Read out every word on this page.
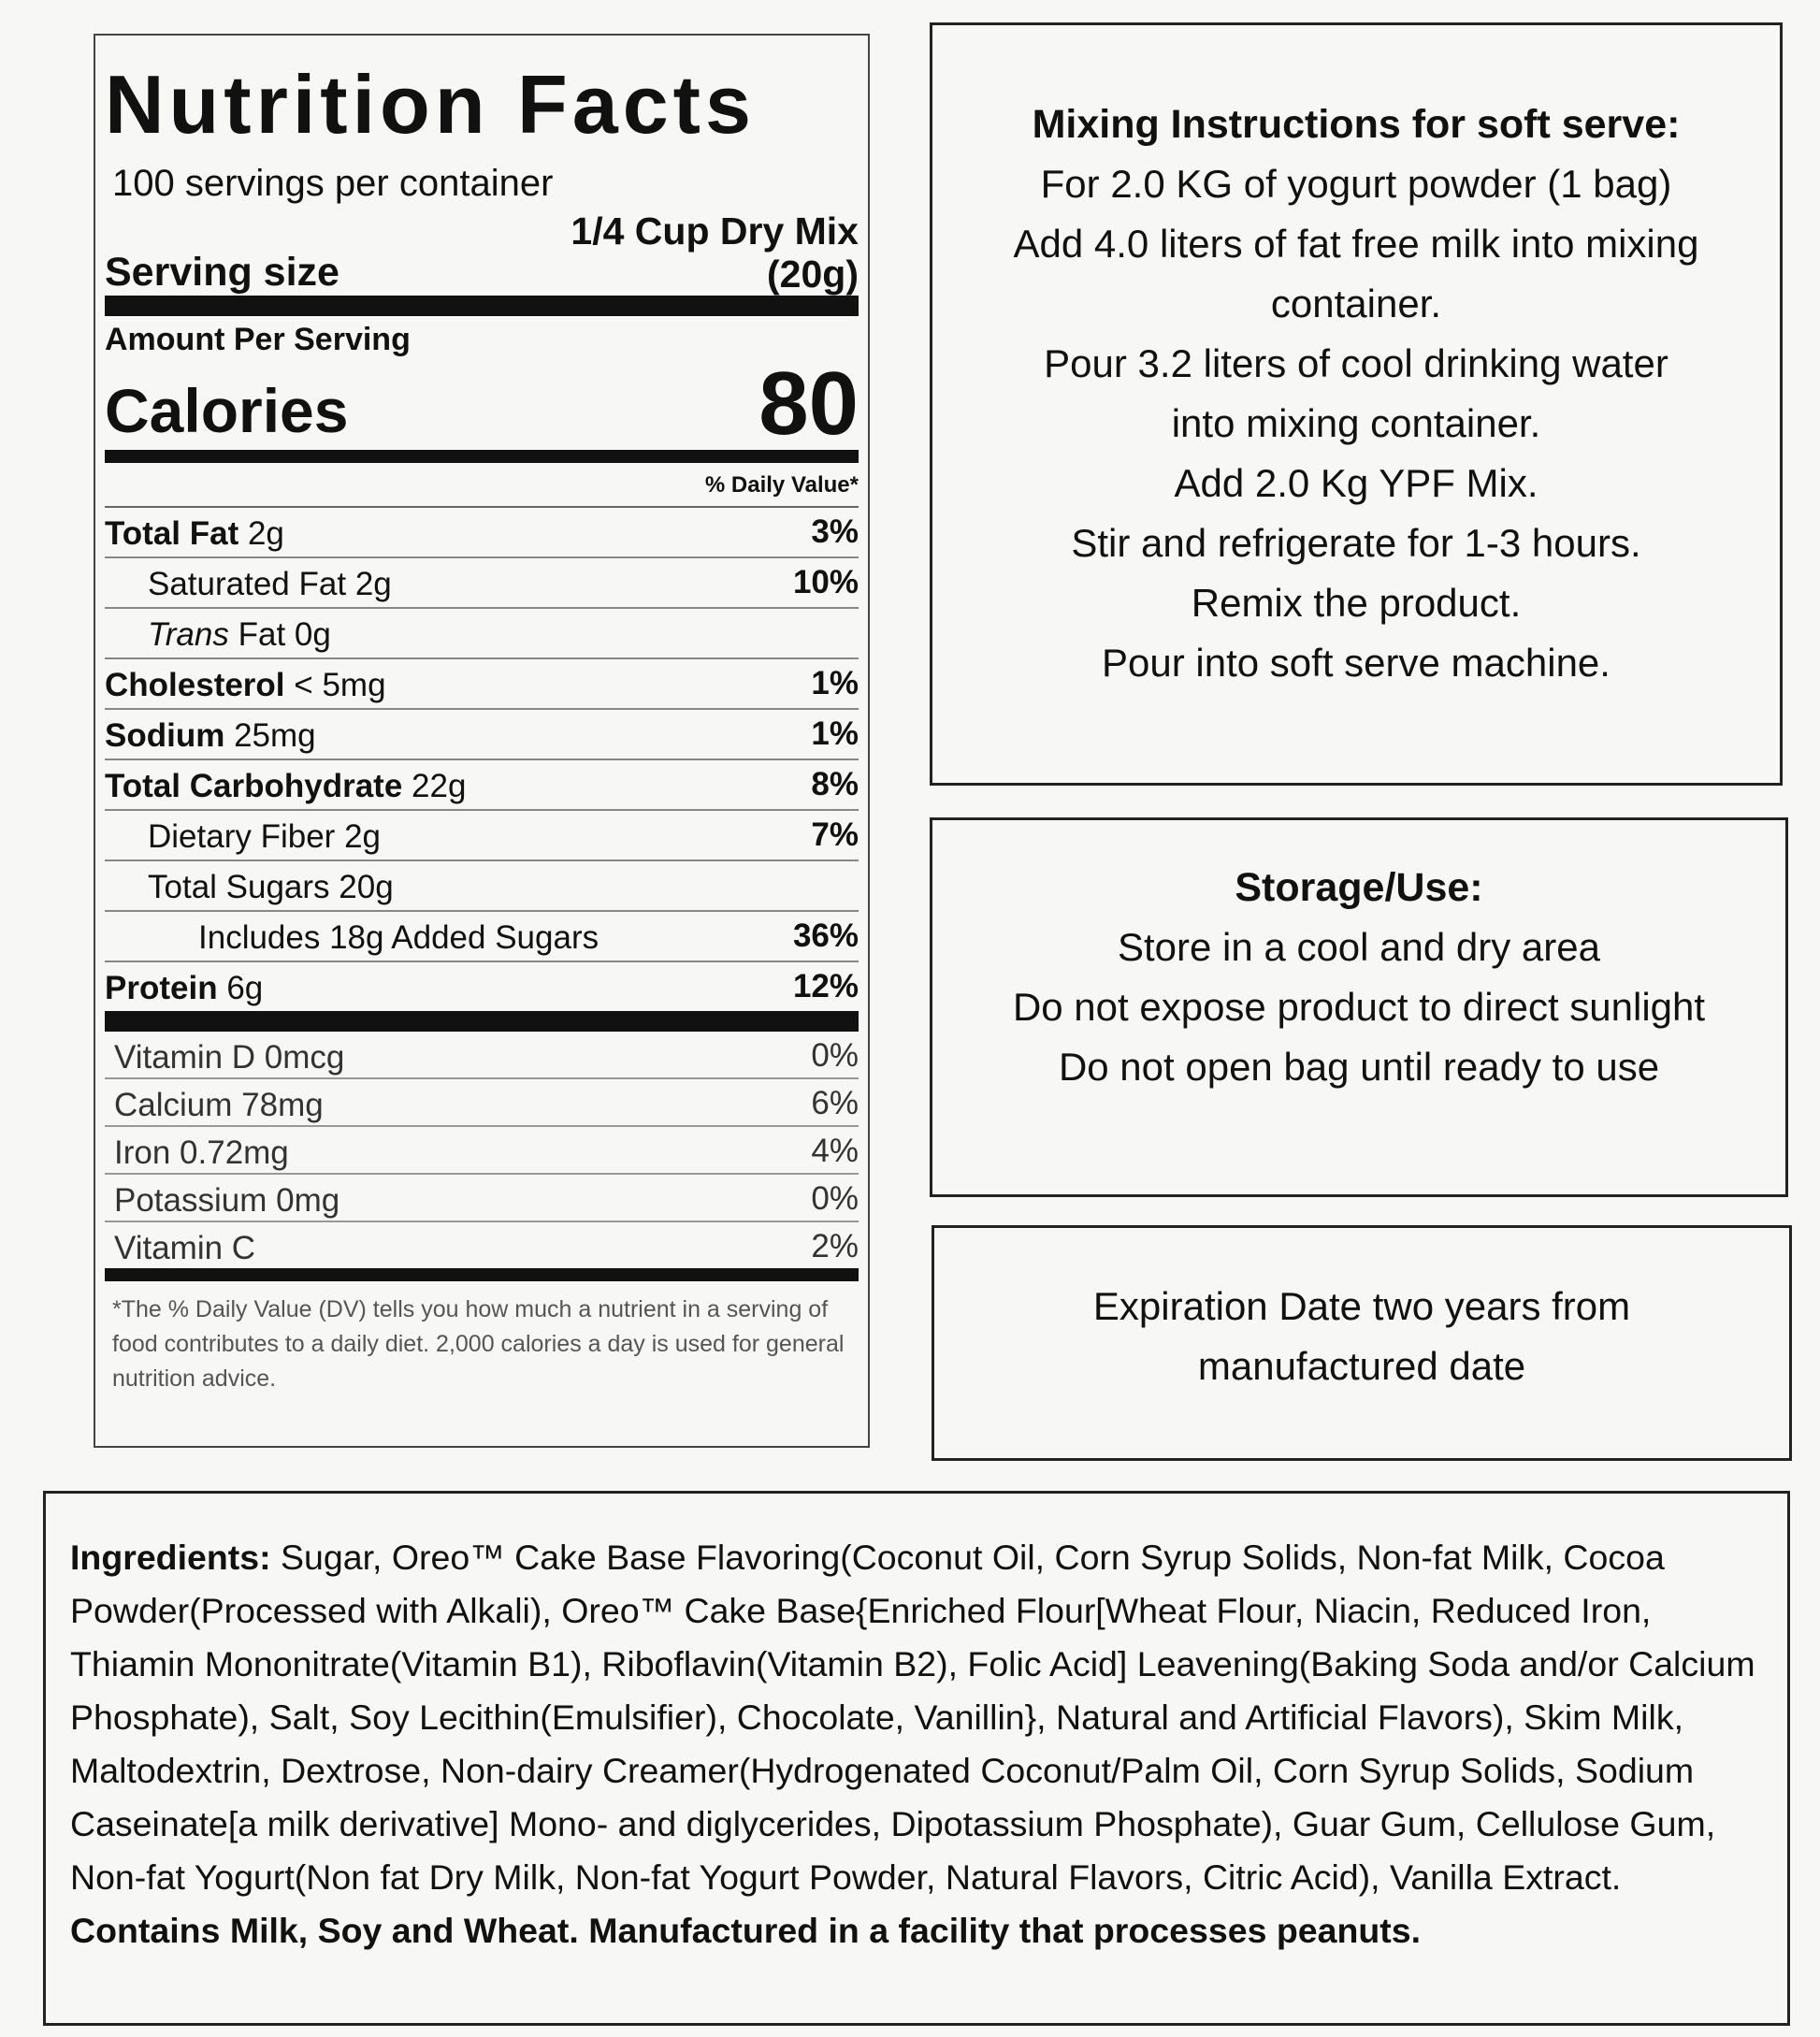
Nutrition Facts
100 servings per container
Serving size
1/4 Cup Dry Mix
(20g)
Amount Per Serving
Calories	80
% Daily Value*
Total Fat 2g	3%
Saturated Fat 2g	10%
Trans Fat 0g
Cholesterol < 5mg	1%
Sodium 25mg	1%
Total Carbohydrate 22g	8%
Dietary Fiber 2g	7%
Total Sugars 20g
Includes 18g Added Sugars	36%
Protein 6g	12%
Vitamin D 0mcg	0%
Calcium 78mg	6%
Iron 0.72mg	4%
Potassium 0mg	0%
Vitamin C	2%
*The % Daily Value (DV) tells you how much a nutrient in a serving of food contributes to a daily diet. 2,000 calories a day is used for general nutrition advice.
Mixing Instructions for soft serve:
For 2.0 KG of yogurt powder (1 bag)
Add 4.0 liters of fat free milk into mixing
container.
Pour 3.2 liters of cool drinking water
into mixing container.
Add 2.0 Kg YPF Mix.
Stir and refrigerate for 1-3 hours.
Remix the product.
Pour into soft serve machine.
Storage/Use:
Store in a cool and dry area
Do not expose product to direct sunlight
Do not open bag until ready to use
Expiration Date two years from
manufactured date
Ingredients: Sugar, Oreo™ Cake Base Flavoring(Coconut Oil, Corn Syrup Solids, Non-fat Milk, Cocoa Powder(Processed with Alkali), Oreo™ Cake Base{Enriched Flour[Wheat Flour, Niacin, Reduced Iron, Thiamin Mononitrate(Vitamin B1), Riboflavin(Vitamin B2), Folic Acid] Leavening(Baking Soda and/or Calcium Phosphate), Salt, Soy Lecithin(Emulsifier), Chocolate, Vanillin}, Natural and Artificial Flavors), Skim Milk, Maltodextrin, Dextrose, Non-dairy Creamer(Hydrogenated Coconut/Palm Oil, Corn Syrup Solids, Sodium Caseinate[a milk derivative] Mono- and diglycerides, Dipotassium Phosphate), Guar Gum, Cellulose Gum, Non-fat Yogurt(Non fat Dry Milk, Non-fat Yogurt Powder, Natural Flavors, Citric Acid), Vanilla Extract.
Contains Milk, Soy and Wheat. Manufactured in a facility that processes peanuts.
